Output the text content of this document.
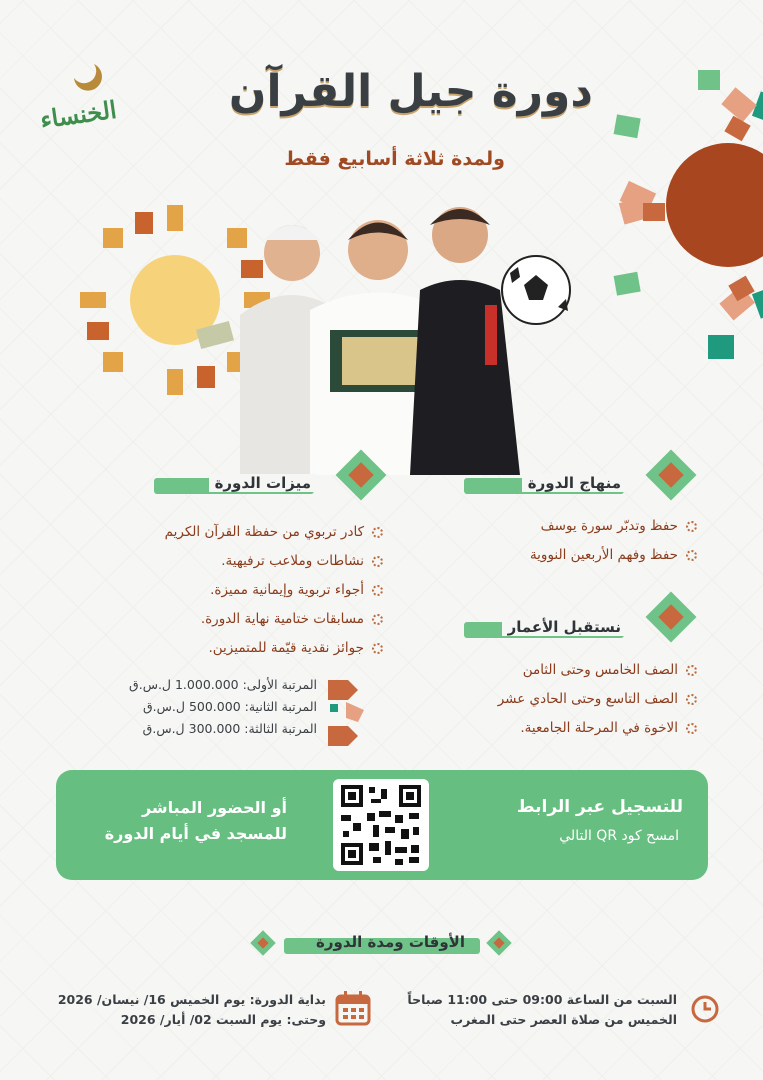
الخنساء	دورة جيل القرآن
ولمدة ثلاثة أسابيع فقط
منهاج الدورة
حفظ وتدبّر سورة يوسف
حفظ وفهم الأربعين النووية
نستقبل الأعمار
الصف الخامس وحتى الثامن
الصف التاسع وحتى الحادي عشر
الاخوة في المرحلة الجامعية.
ميزات الدورة
كادر تربوي من حفظة القرآن الكريم
نشاطات وملاعب ترفيهية.
أجواء تربوية وإيمانية مميزة.
مسابقات ختامية نهاية الدورة.
جوائز نقدية قيّمة للمتميزين.
المرتبة الأولى: 1.000.000 ل.س.ق
المرتبة الثانية: 500.000 ل.س.ق
المرتبة الثالثة: 300.000 ل.س.ق
للتسجيل عبر الرابط
امسح كود QR التالي
أو الحضور المباشر
للمسجد في أيام الدورة
الأوقات ومدة الدورة
السبت من الساعة 09:00 حتى 11:00 صباحاً
الخميس من صلاة العصر حتى المغرب
بداية الدورة: يوم الخميس 16/ نيسان/ 2026
وحتى: يوم السبت 02/ أيار/ 2026
